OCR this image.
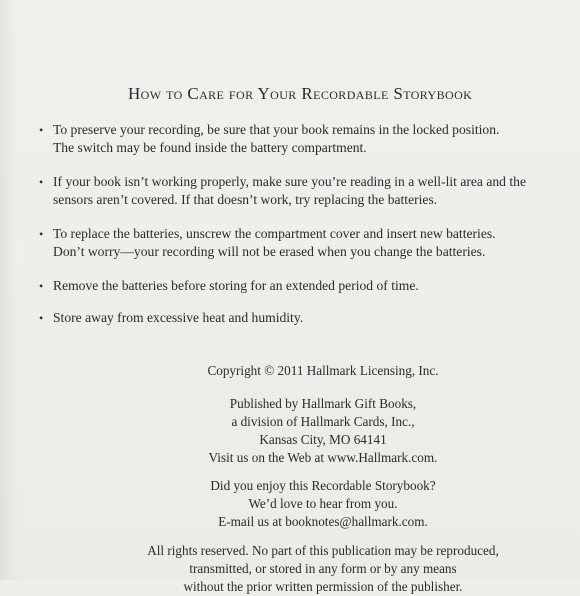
How to Care for Your Recordable Storybook
• To preserve your recording, be sure that your book remains in the locked position.
The switch may be found inside the battery compartment.
• If your book isn’t working properly, make sure you’re reading in a well-lit area and the
sensors aren’t covered. If that doesn’t work, try replacing the batteries.
• To replace the batteries, unscrew the compartment cover and insert new batteries.
Don’t worry—your recording will not be erased when you change the batteries.
• Remove the batteries before storing for an extended period of time.
• Store away from excessive heat and humidity.
Copyright © 2011 Hallmark Licensing, Inc.
Published by Hallmark Gift Books,
a division of Hallmark Cards, Inc.,
Kansas City, MO 64141
Visit us on the Web at www.Hallmark.com.
Did you enjoy this Recordable Storybook?
We’d love to hear from you.
E-mail us at booknotes@hallmark.com.
All rights reserved. No part of this publication may be reproduced,
transmitted, or stored in any form or by any means
without the prior written permission of the publisher.
